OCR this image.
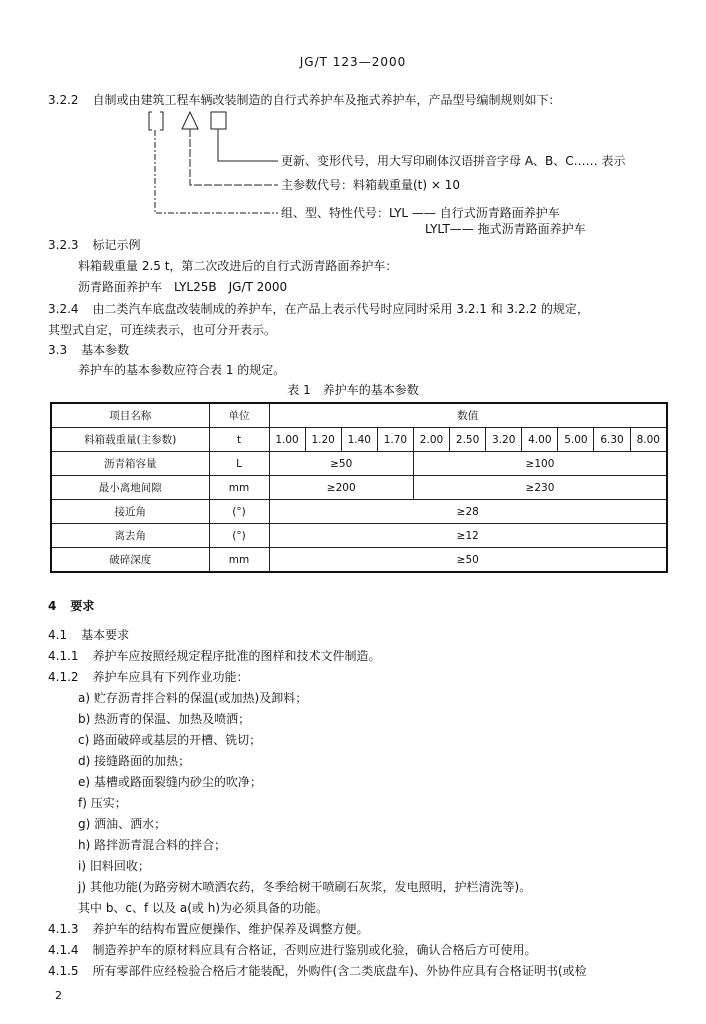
JG/T 123—2000
3.2.2 自制或由建筑工程车辆改装制造的自行式养护车及拖式养护车，产品型号编制规则如下：
更新、变形代号，用大写印刷体汉语拼音字母 A、B、C…… 表示
主参数代号：料箱载重量(t) × 10
组、型、特性代号：LYL —— 自行式沥青路面养护车
LYLT—— 拖式沥青路面养护车
3.2.3 标记示例
料箱载重量 2.5 t，第二次改进后的自行式沥青路面养护车：
沥青路面养护车　LYL25B　JG/T 2000
3.2.4 由二类汽车底盘改装制成的养护车，在产品上表示代号时应同时采用 3.2.1 和 3.2.2 的规定，
其型式自定，可连续表示，也可分开表示。
3.3 基本参数
养护车的基本参数应符合表 1 的规定。
表 1　养护车的基本参数
项目名称	单位	数值										
料箱载重量(主参数)	t	1.00	1.20	1.40	1.70	2.00	2.50	3.20	4.00	5.00	6.30	8.00
沥青箱容量	L	≥50				≥100						
最小离地间隙	mm	≥200				≥230						
接近角	(°)	≥28										
离去角	(°)	≥12										
破碎深度	mm	≥50										
4 要求
4.1 基本要求
4.1.1 养护车应按照经规定程序批准的图样和技术文件制造。
4.1.2 养护车应具有下列作业功能：
a) 贮存沥青拌合料的保温(或加热)及卸料；
b) 热沥青的保温、加热及喷洒；
c) 路面破碎或基层的开槽、铣切；
d) 接缝路面的加热；
e) 基槽或路面裂缝内砂尘的吹净；
f) 压实；
g) 洒油、洒水；
h) 路拌沥青混合料的拌合；
i) 旧料回收；
j) 其他功能(为路旁树木喷洒农药，冬季给树干喷刷石灰浆，发电照明，护栏清洗等)。
其中 b、c、f 以及 a(或 h)为必须具备的功能。
4.1.3 养护车的结构布置应便操作、维护保养及调整方便。
4.1.4 制造养护车的原材料应具有合格证，否则应进行鉴别或化验，确认合格后方可使用。
4.1.5 所有零部件应经检验合格后才能装配，外购件(含二类底盘车)、外协件应具有合格证明书(或检
2
